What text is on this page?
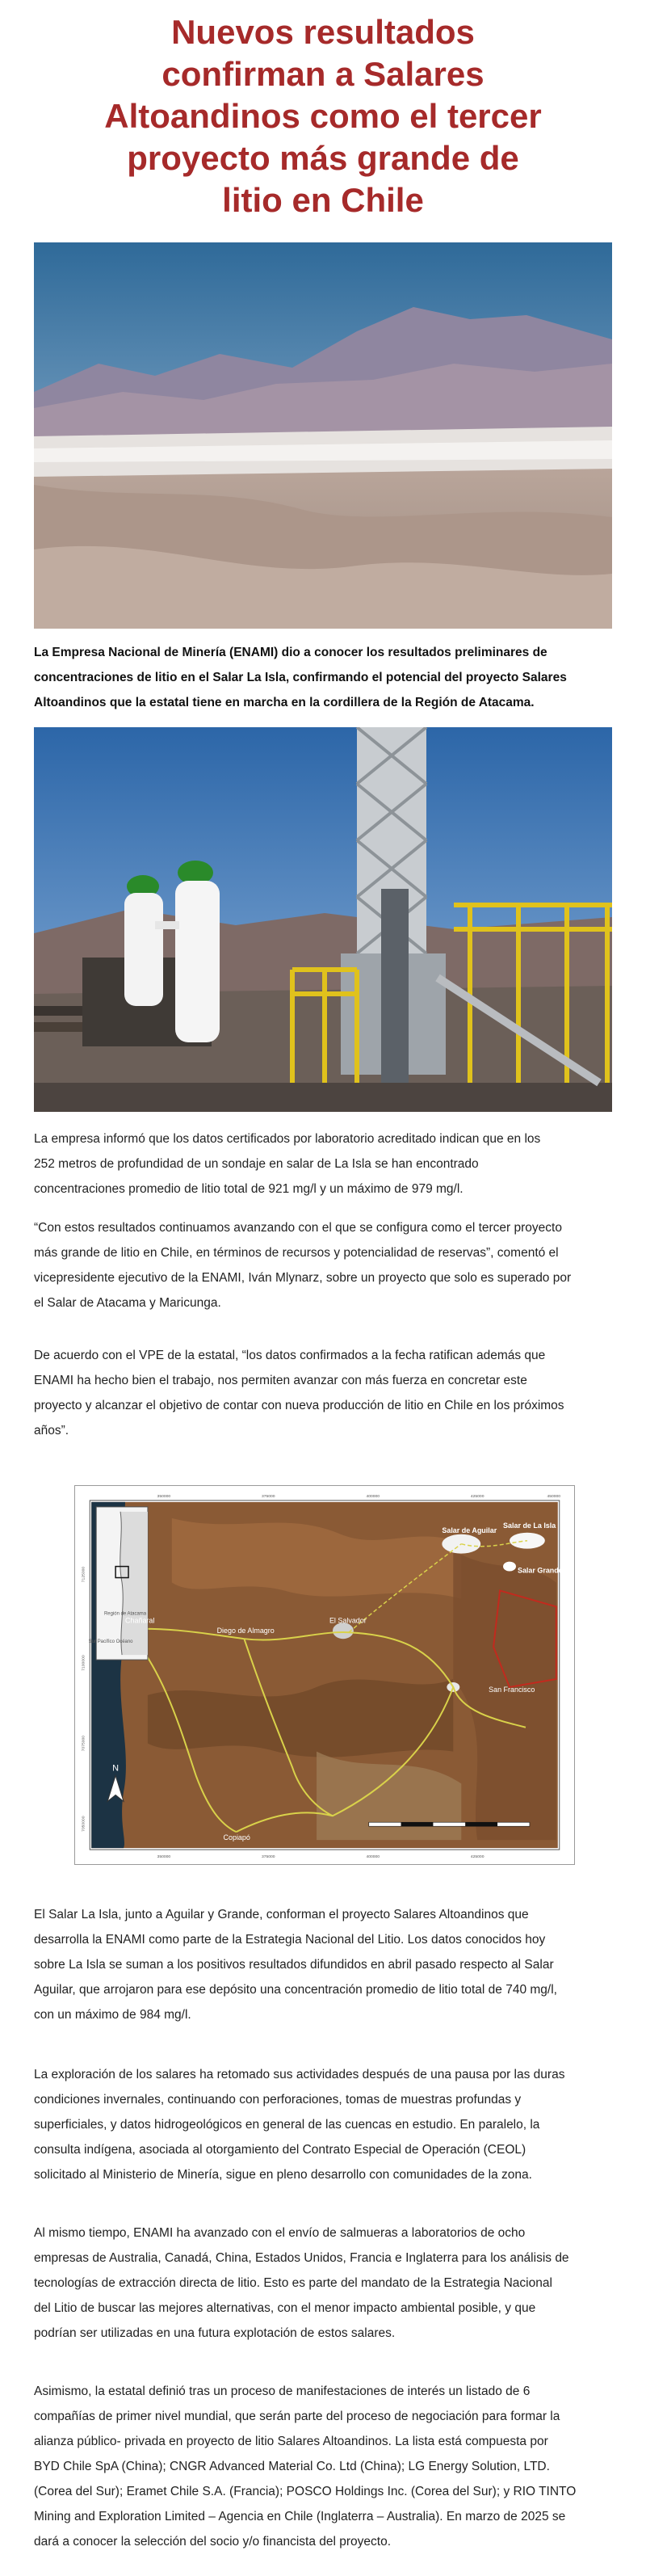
Nuevos resultados
confirman a Salares
Altoandinos como el tercer
proyecto más grande de
litio en Chile
La Empresa Nacional de Minería (ENAMI) dio a conocer los resultados preliminares de
concentraciones de litio en el Salar La Isla, confirmando el potencial del proyecto Salares
Altoandinos que la estatal tiene en marcha en la cordillera de la Región de Atacama.
La empresa informó que los datos certificados por laboratorio acreditado indican que en los
252 metros de profundidad de un sondaje en salar de La Isla se han encontrado
concentraciones promedio de litio total de 921 mg/l y un máximo de 979 mg/l.
“Con estos resultados continuamos avanzando con el que se configura como el tercer proyecto
más grande de litio en Chile, en términos de recursos y potencialidad de reservas”, comentó el
vicepresidente ejecutivo de la ENAMI, Iván Mlynarz, sobre un proyecto que solo es superado por
el Salar de Atacama y Maricunga.
De acuerdo con el VPE de la estatal, “los datos confirmados a la fecha ratifican además que
ENAMI ha hecho bien el trabajo, nos permiten avanzar con más fuerza en concretar este
proyecto y alcanzar el objetivo de contar con nueva producción de litio en Chile en los próximos
años”.
Región de Atacama
Sur Pacífico Océano
Salar de Aguilar
Salar de La Isla
Salar Grande
Chañaral
Diego de Almagro
El Salvador
San Francisco
Copiapó
N
350000	375000	400000	425000	450000
350000	375000	400000	425000
7125000
7100000
7075000
7050000
El Salar La Isla, junto a Aguilar y Grande, conforman el proyecto Salares Altoandinos que
desarrolla la ENAMI como parte de la Estrategia Nacional del Litio. Los datos conocidos hoy
sobre La Isla se suman a los positivos resultados difundidos en abril pasado respecto al Salar
Aguilar, que arrojaron para ese depósito una concentración promedio de litio total de 740 mg/l,
con un máximo de 984 mg/l.
La exploración de los salares ha retomado sus actividades después de una pausa por las duras
condiciones invernales, continuando con perforaciones, tomas de muestras profundas y
superficiales, y datos hidrogeológicos en general de las cuencas en estudio. En paralelo, la
consulta indígena, asociada al otorgamiento del Contrato Especial de Operación (CEOL)
solicitado al Ministerio de Minería, sigue en pleno desarrollo con comunidades de la zona.
Al mismo tiempo, ENAMI ha avanzado con el envío de salmueras a laboratorios de ocho
empresas de Australia, Canadá, China, Estados Unidos, Francia e Inglaterra para los análisis de
tecnologías de extracción directa de litio. Esto es parte del mandato de la Estrategia Nacional
del Litio de buscar las mejores alternativas, con el menor impacto ambiental posible, y que
podrían ser utilizadas en una futura explotación de estos salares.
Asimismo, la estatal definió tras un proceso de manifestaciones de interés un listado de 6
compañías de primer nivel mundial, que serán parte del proceso de negociación para formar la
alianza público- privada en proyecto de litio Salares Altoandinos. La lista está compuesta por
BYD Chile SpA (China); CNGR Advanced Material Co. Ltd (China); LG Energy Solution, LTD.
(Corea del Sur); Eramet Chile S.A. (Francia); POSCO Holdings Inc. (Corea del Sur); y RIO TINTO
Mining and Exploration Limited – Agencia en Chile (Inglaterra – Australia). En marzo de 2025 se
dará a conocer la selección del socio y/o financista del proyecto.
